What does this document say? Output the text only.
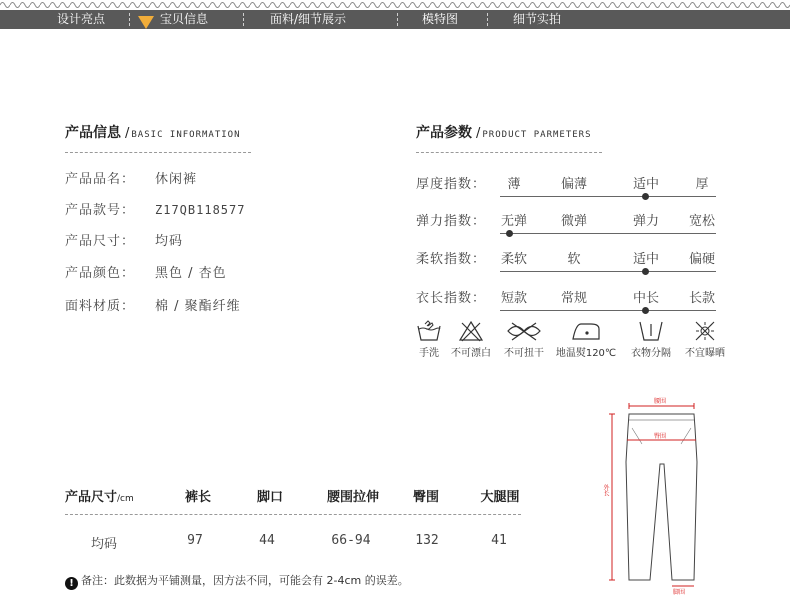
设计亮点	宝贝信息	面料/细节展示	模特图	细节实拍
产品信息 / BASIC INFORMATION
产品品名： 休闲裤
产品款号： Z17QB118577
产品尺寸： 均码
产品颜色： 黑色 / 杏色
面料材质： 棉 / 聚酯纤维
产品参数 / PRODUCT PARMETERS
厚度指数：	薄	偏薄	适中	厚
弹力指数：	无弹	微弹	弹力	宽松
柔软指数：	柔软	软	适中	偏硬
衣长指数：	短款	常规	中长	长款
手洗	不可漂白	不可扭干	地温熨120℃	衣物分隔	不宜曝晒
产品尺寸/cm	裤长	脚口	腰围拉伸	臀围	大腿围
均码	97	44	66-94	132	41
! 备注：此数据为平铺测量，因方法不同，可能会有 2-4cm 的误差。
腰围
臀围
外长
脚围
